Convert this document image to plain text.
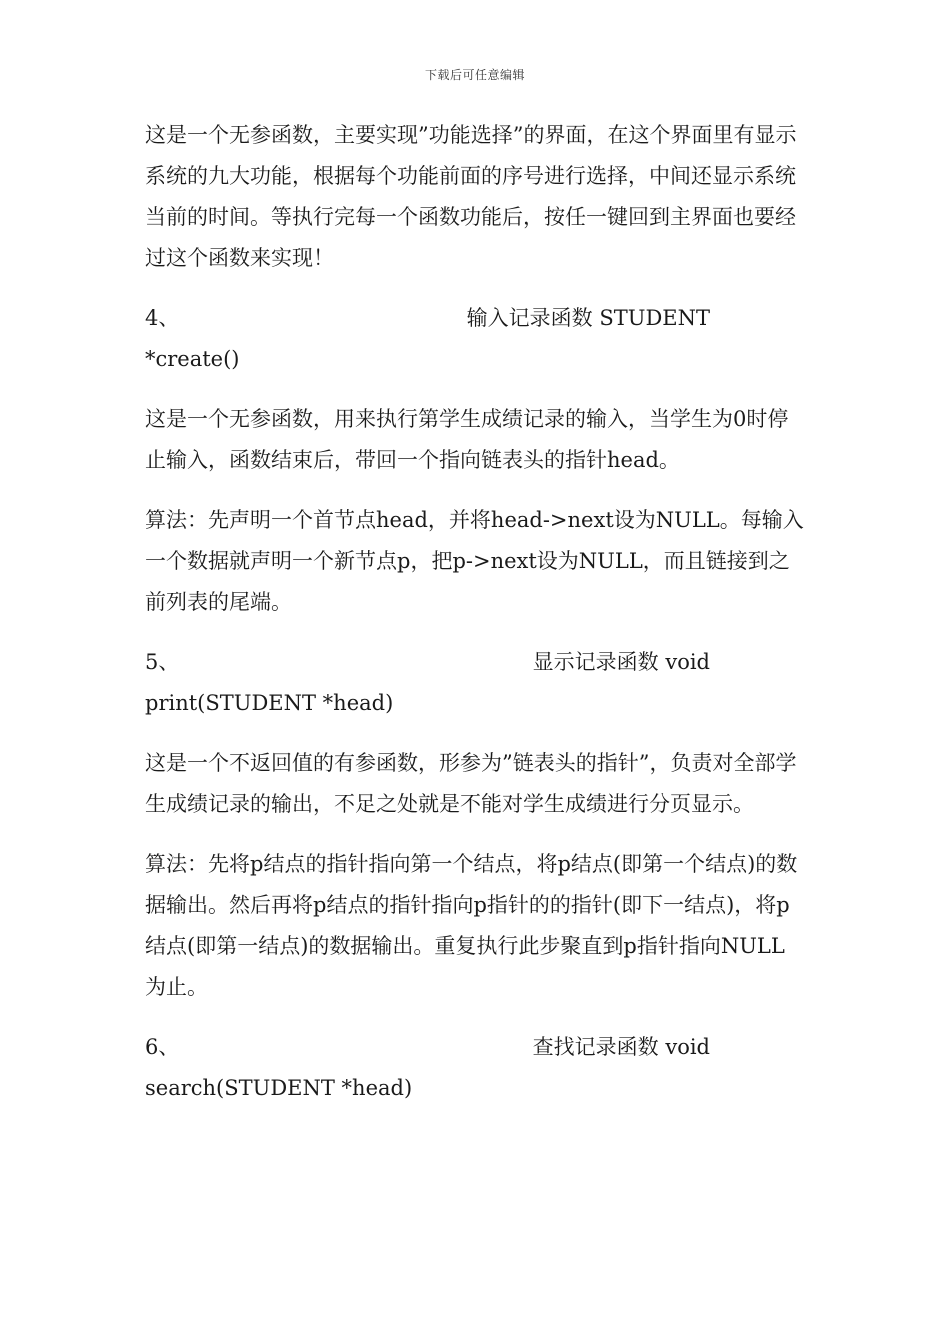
下载后可任意编辑

这是一个无参函数，主要实现”功能选择”的界面，在这个界面里有显示系统的九大功能，根据每个功能前面的序号进行选择，中间还显示系统当前的时间。等执行完每一个函数功能后，按任一键回到主界面也要经过这个函数来实现！

4、	输入记录函数 STUDENT
*create()

这是一个无参函数，用来执行第学生成绩记录的输入，当学生为0时停止输入，函数结束后，带回一个指向链表头的指针head。

算法：先声明一个首节点head，并将head->next设为NULL。每输入一个数据就声明一个新节点p，把p->next设为NULL，而且链接到之前列表的尾端。

5、	显示记录函数 void
print(STUDENT *head)

这是一个不返回值的有参函数，形参为”链表头的指针”，负责对全部学生成绩记录的输出，不足之处就是不能对学生成绩进行分页显示。

算法：先将p结点的指针指向第一个结点，将p结点(即第一个结点)的数据输出。然后再将p结点的指针指向p指针的的指针(即下一结点)，将p结点(即第一结点)的数据输出。重复执行此步聚直到p指针指向NULL为止。

6、	查找记录函数 void
search(STUDENT *head)
